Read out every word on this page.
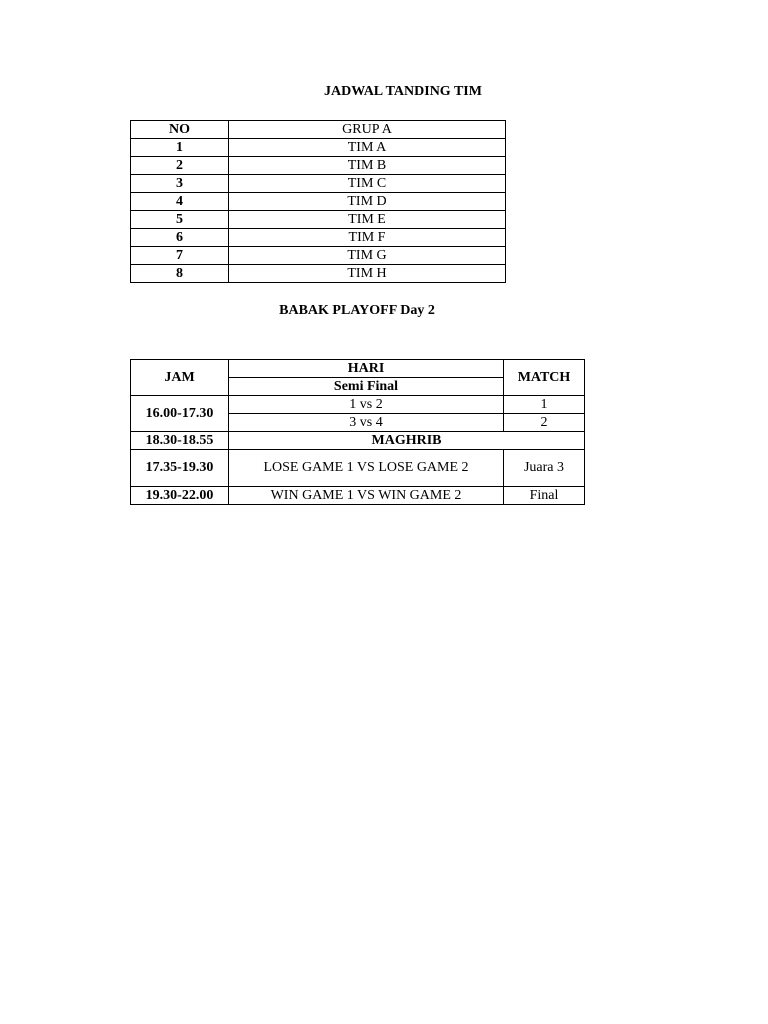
JADWAL TANDING TIM
NO	GRUP A
1	TIM A
2	TIM B
3	TIM C
4	TIM D
5	TIM E
6	TIM F
7	TIM G
8	TIM H
BABAK PLAYOFF Day 2
JAM	HARI	MATCH
	Semi Final	
16.00-17.30	1 vs 2	1
	3 vs 4	2
18.30-18.55	MAGHRIB	
17.35-19.30	LOSE GAME 1 VS LOSE GAME 2	Juara 3
19.30-22.00	WIN GAME 1 VS WIN GAME 2	Final
